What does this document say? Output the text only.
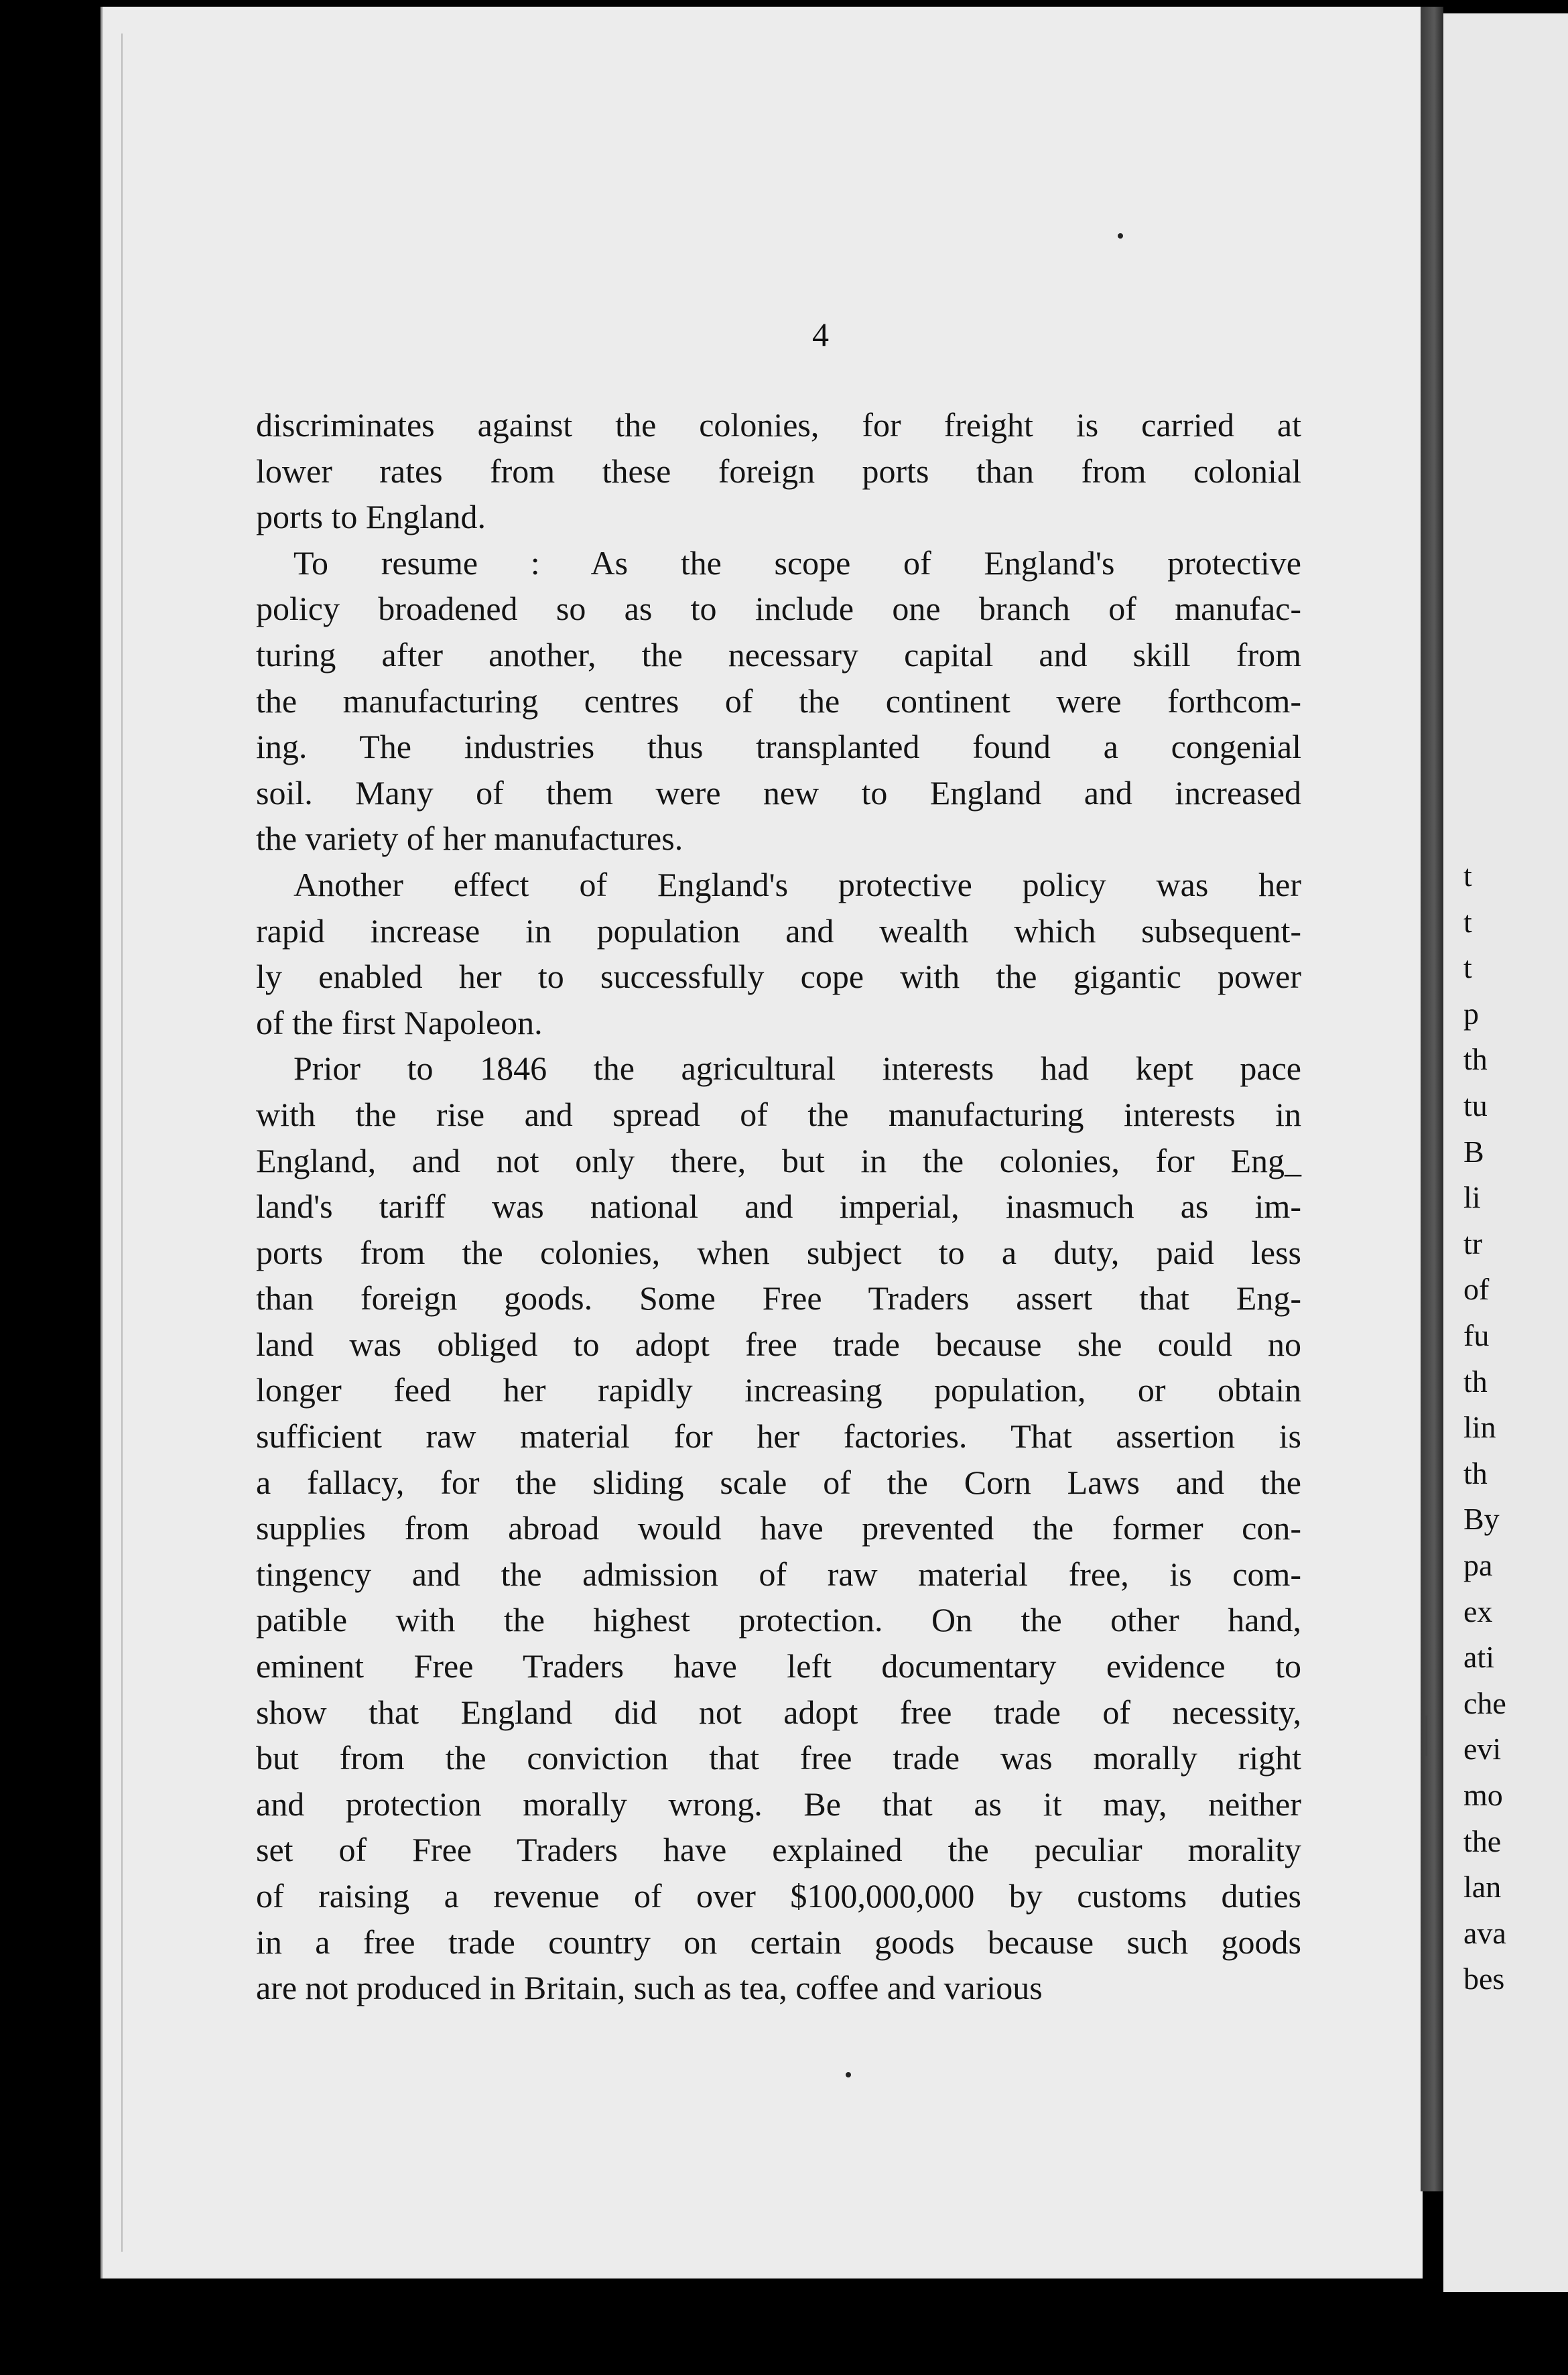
4
discriminates against the colonies, for freight is carried at
lower rates from these foreign ports than from colonial
ports to England.
To resume : As the scope of England's protective
policy broadened so as to include one branch of manufac-
turing after another, the necessary capital and skill from
the manufacturing centres of the continent were forthcom-
ing. The industries thus transplanted found a congenial
soil. Many of them were new to England and increased
the variety of her manufactures.
Another effect of England's protective policy was her
rapid increase in population and wealth which subsequent-
ly enabled her to successfully cope with the gigantic power
of the first Napoleon.
Prior to 1846 the agricultural interests had kept pace
with the rise and spread of the manufacturing interests in
England, and not only there, but in the colonies, for Eng_
land's tariff was national and imperial, inasmuch as im-
ports from the colonies, when subject to a duty, paid less
than foreign goods. Some Free Traders assert that Eng-
land was obliged to adopt free trade because she could no
longer feed her rapidly increasing population, or obtain
sufficient raw material for her factories. That assertion is
a fallacy, for the sliding scale of the Corn Laws and the
supplies from abroad would have prevented the former con-
tingency and the admission of raw material free, is com-
patible with the highest protection. On the other hand,
eminent Free Traders have left documentary evidence to
show that England did not adopt free trade of necessity,
but from the conviction that free trade was morally right
and protection morally wrong. Be that as it may, neither
set of Free Traders have explained the peculiar morality
of raising a revenue of over $100,000,000 by customs duties
in a free trade country on certain goods because such goods
are not produced in Britain, such as tea, coffee and various
t
t
t
p
th
tu
B
li
tr
of
fu
th
lin
th
By
pa
ex
ati
che
evi
mo
the
lan
ava
bes
